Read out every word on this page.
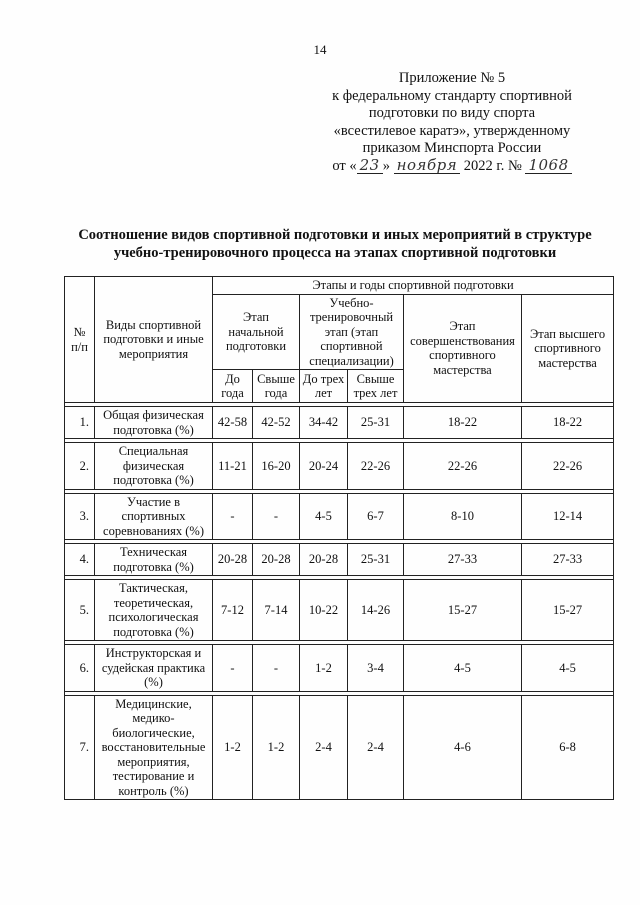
14
Приложение № 5
к федеральному стандарту спортивной
подготовки по виду спорта
«всестилевое каратэ», утвержденному
приказом Минспорта России
от « 23 » ноября 2022 г. № 1068
Соотношение видов спортивной подготовки и иных мероприятий в структуре
учебно-тренировочного процесса на этапах спортивной подготовки
№ п/п	Виды спортивной подготовки и иные мероприятия	Этапы и годы спортивной подготовки					
		Этап начальной подготовки		Учебно-тренировочный этап (этап спортивной специализации)		Этап совершенствования спортивного мастерства	Этап высшего спортивного мастерства
		До года	Свыше года	До трех лет	Свыше трех лет		

1.	Общая физическая подготовка (%)	42-58	42-52	34-42	25-31	18-22	18-22

2.	Специальная физическая подготовка (%)	11-21	16-20	20-24	22-26	22-26	22-26

3.	Участие в спортивных соревнованиях (%)	-	-	4-5	6-7	8-10	12-14

4.	Техническая подготовка (%)	20-28	20-28	20-28	25-31	27-33	27-33

5.	Тактическая, теоретическая, психологическая подготовка (%)	7-12	7-14	10-22	14-26	15-27	15-27

6.	Инструкторская и судейская практика (%)	-	-	1-2	3-4	4-5	4-5

7.	Медицинские, медико-биологические, восстановительные мероприятия, тестирование и контроль (%)	1-2	1-2	2-4	2-4	4-6	6-8
